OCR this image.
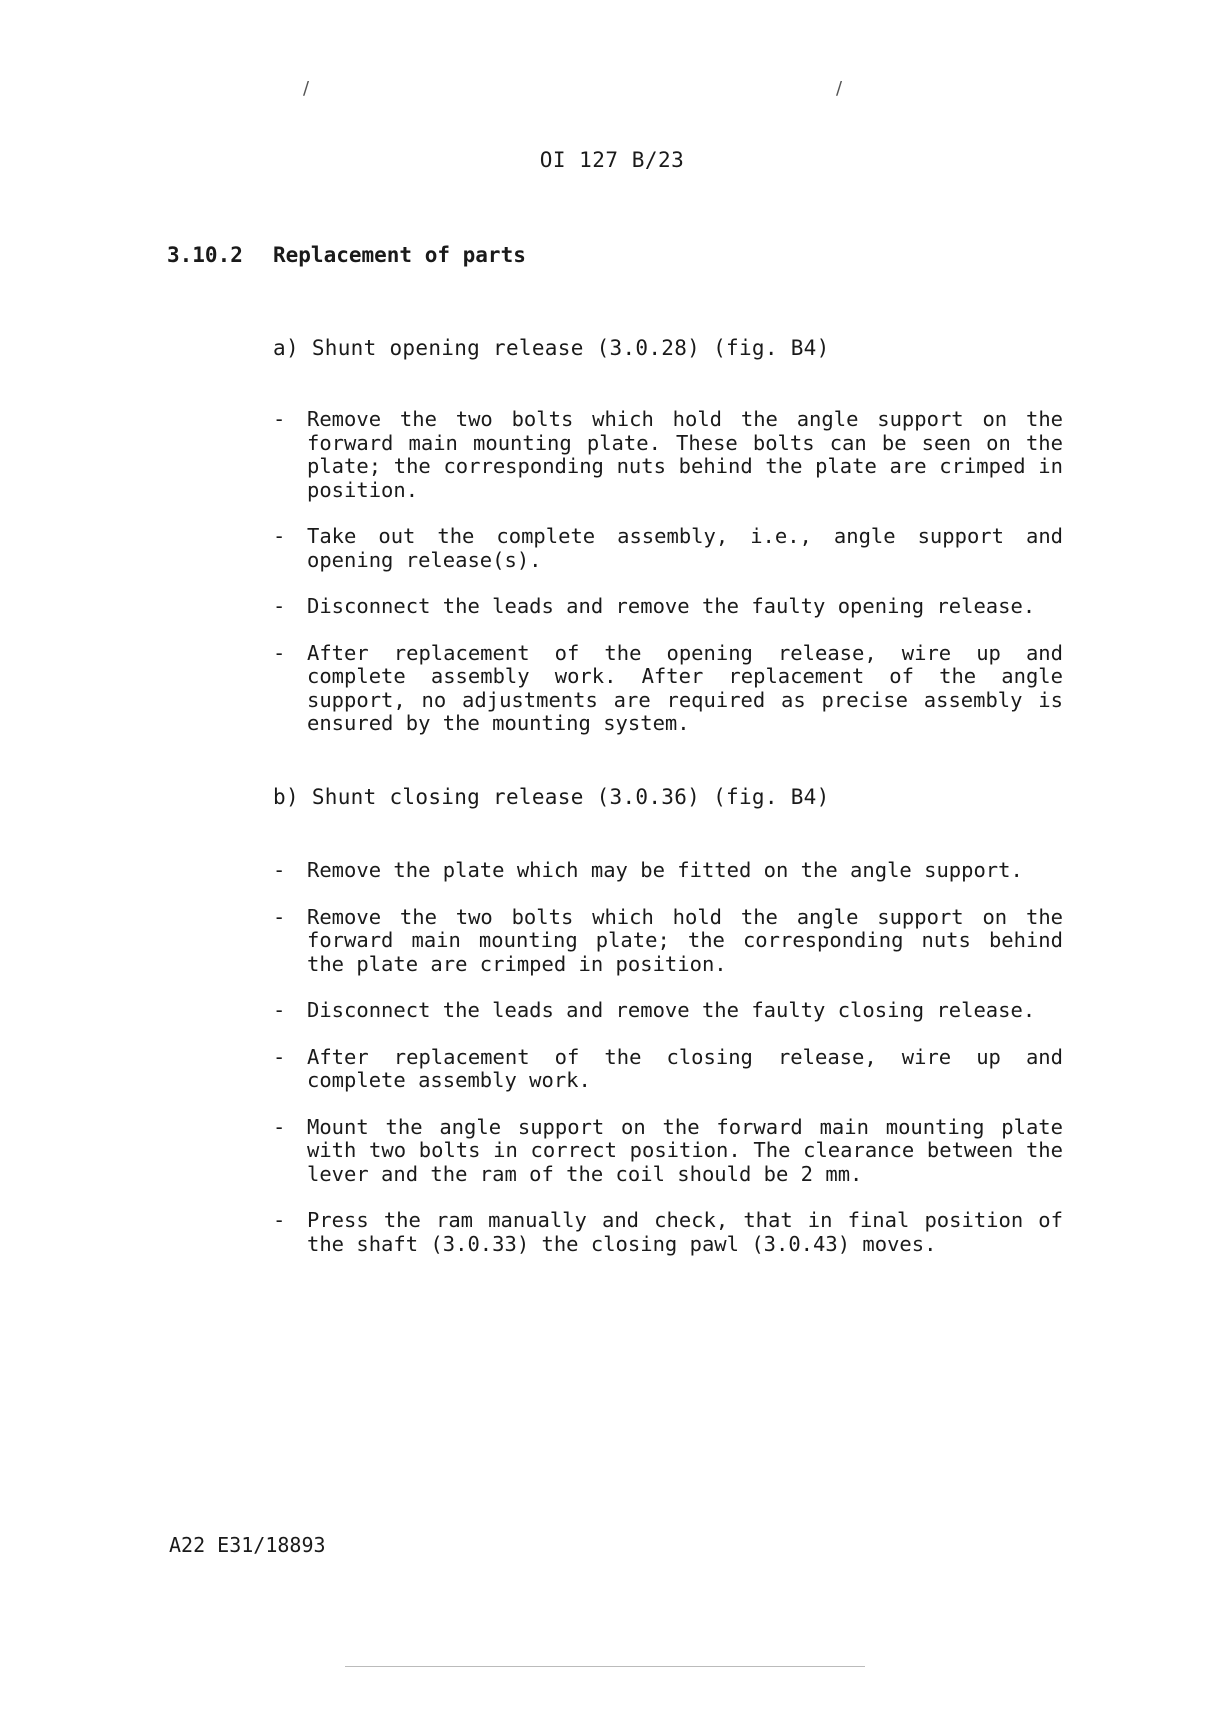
/	/
OI 127 B/23
3.10.2 Replacement of parts
a) Shunt opening release (3.0.28) (fig. B4)
- Remove the two bolts which hold the angle support on the forward main mounting plate. These bolts can be seen on the plate; the corresponding nuts behind the plate are crimped in position.
- Take out the complete assembly, i.e., angle support and opening release(s).
- Disconnect the leads and remove the faulty opening release.
- After replacement of the opening release, wire up and complete assembly work. After replacement of the angle support, no adjustments are required as precise assembly is ensured by the mounting system.
b) Shunt closing release (3.0.36) (fig. B4)
- Remove the plate which may be fitted on the angle support.
- Remove the two bolts which hold the angle support on the forward main mounting plate; the corresponding nuts behind the plate are crimped in position.
- Disconnect the leads and remove the faulty closing release.
- After replacement of the closing release, wire up and complete assembly work.
- Mount the angle support on the forward main mounting plate with two bolts in correct position. The clearance between the lever and the ram of the coil should be 2 mm.
- Press the ram manually and check, that in final position of the shaft (3.0.33) the closing pawl (3.0.43) moves.
A22 E31/18893
